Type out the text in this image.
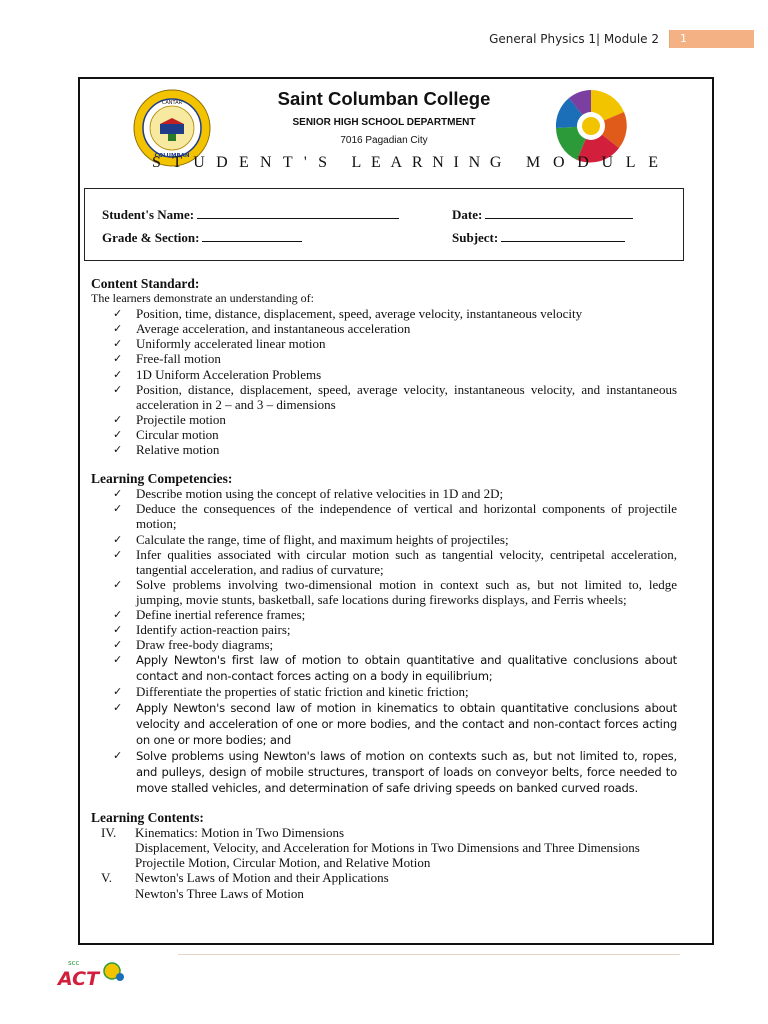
General Physics 1| Module 2	1
CANTAR
COLUMBAN
Saint Columban College
SENIOR HIGH SCHOOL DEPARTMENT
7016 Pagadian City
S T U D E N T ' S L E A R N I N G M O D U L E
Student's Name:	Date:
Grade & Section:	Subject:
Content Standard:
The learners demonstrate an understanding of:
✓ Position, time, distance, displacement, speed, average velocity, instantaneous velocity
✓ Average acceleration, and instantaneous acceleration
✓ Uniformly accelerated linear motion
✓ Free-fall motion
✓ 1D Uniform Acceleration Problems
✓ Position, distance, displacement, speed, average velocity, instantaneous velocity, and instantaneous acceleration in 2 – and 3 – dimensions
✓ Projectile motion
✓ Circular motion
✓ Relative motion
Learning Competencies:
✓ Describe motion using the concept of relative velocities in 1D and 2D;
✓ Deduce the consequences of the independence of vertical and horizontal components of projectile motion;
✓ Calculate the range, time of flight, and maximum heights of projectiles;
✓ Infer qualities associated with circular motion such as tangential velocity, centripetal acceleration, tangential acceleration, and radius of curvature;
✓ Solve problems involving two-dimensional motion in context such as, but not limited to, ledge jumping, movie stunts, basketball, safe locations during fireworks displays, and Ferris wheels;
✓ Define inertial reference frames;
✓ Identify action-reaction pairs;
✓ Draw free-body diagrams;
✓ Apply Newton's first law of motion to obtain quantitative and qualitative conclusions about contact and non-contact forces acting on a body in equilibrium;
✓ Differentiate the properties of static friction and kinetic friction;
✓ Apply Newton's second law of motion in kinematics to obtain quantitative conclusions about velocity and acceleration of one or more bodies, and the contact and non-contact forces acting on one or more bodies; and
✓ Solve problems using Newton's laws of motion on contexts such as, but not limited to, ropes, and pulleys, design of mobile structures, transport of loads on conveyor belts, force needed to move stalled vehicles, and determination of safe driving speeds on banked curved roads.
Learning Contents:
IV.	Kinematics: Motion in Two Dimensions
Displacement, Velocity, and Acceleration for Motions in Two Dimensions and Three Dimensions
Projectile Motion, Circular Motion, and Relative Motion
V.	Newton's Laws of Motion and their Applications
Newton's Three Laws of Motion
scc
ACT
